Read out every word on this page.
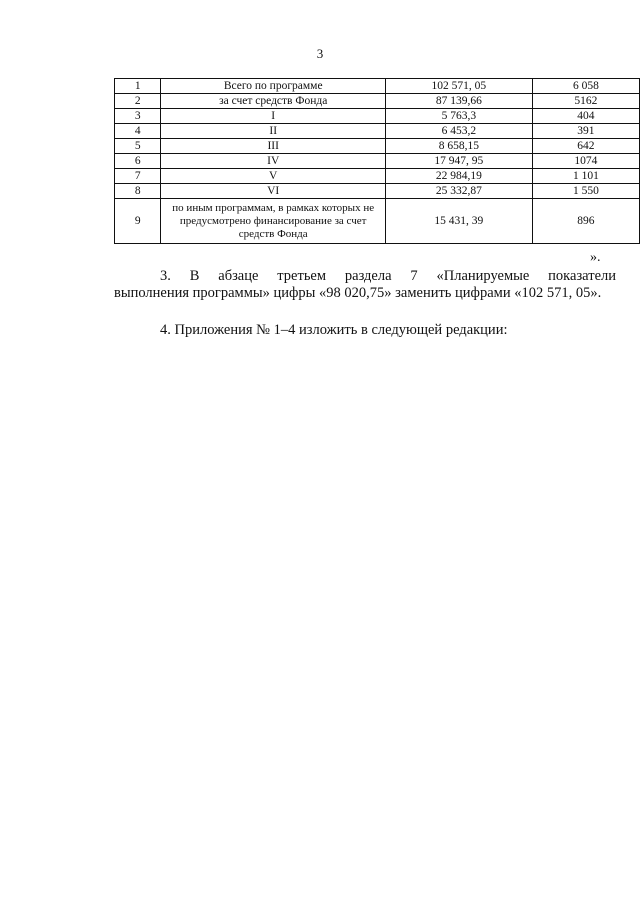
3
1	Всего по программе	102 571, 05	6 058
2	за счет средств Фонда	87 139,66	5162
3	I	5 763,3	404
4	II	6 453,2	391
5	III	8 658,15	642
6	IV	17 947, 95	1074
7	V	22 984,19	1 101
8	VI	25 332,87	1 550
9	по иным программам, в рамках которых не предусмотрено финансирование за счет средств Фонда	15 431, 39	896
».
3. В абзаце третьем раздела 7 «Планируемые показатели выполнения программы» цифры «98 020,75» заменить цифрами «102 571, 05».
4. Приложения № 1–4 изложить в следующей редакции:
